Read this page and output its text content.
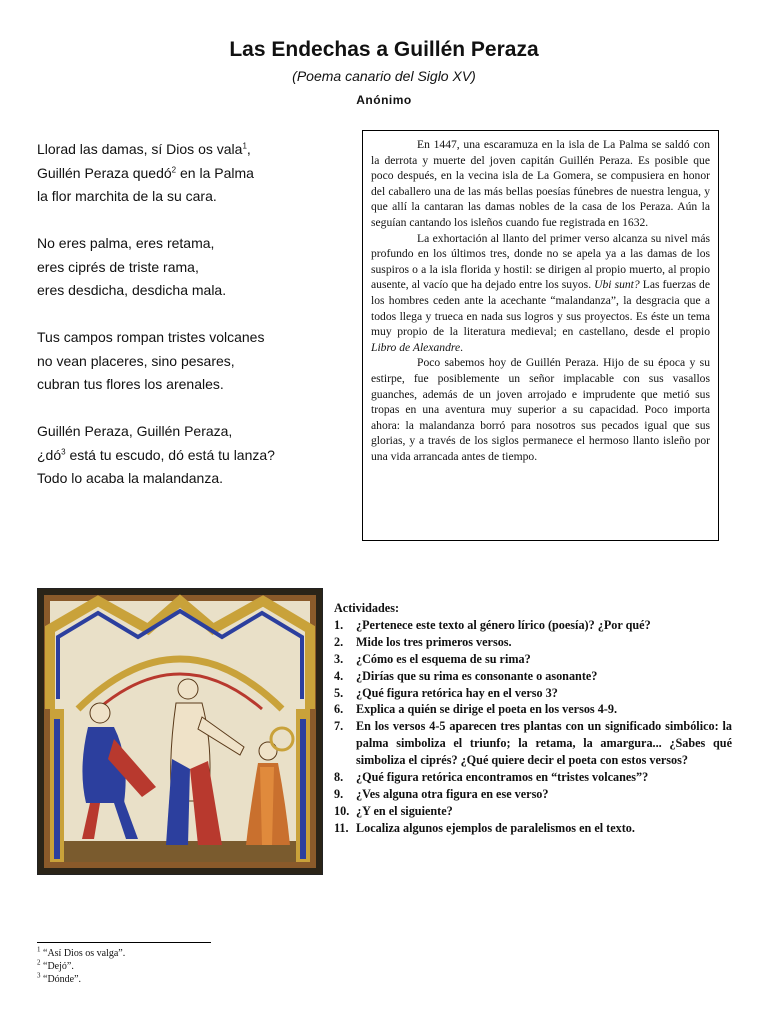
Las Endechas a Guillén Peraza
(Poema canario del Siglo XV)
Anónimo
Llorad las damas, sí Dios os vala$^1$,
Guillén Peraza quedó$^2$ en la Palma
la flor marchita de la su cara.
No eres palma, eres retama,
eres ciprés de triste rama,
eres desdicha, desdicha mala.
Tus campos rompan tristes volcanes
no vean placeres, sino pesares,
cubran tus flores los arenales.
Guillén Peraza, Guillén Peraza,
¿$dó^3$ está tu escudo, dó está tu lanza?
Todo lo acaba la malandanza.

En 1447, una escaramuza en la isla de La Palma se saldó con la derrota y muerte del joven capitán Guillén Peraza. Es posible que poco después, en la vecina isla de La Gomera, se compusiera en honor del caballero una de las más bellas poesías fúnebres de nuestra lengua, y que allí la cantaran las damas nobles de la casa de los Peraza. Aún la seguían cantando los isleños cuando fue registrada en 1632.

La exhortación al llanto del primer verso alcanza su nivel más profundo en los últimos tres, donde no se apela ya a las damas de los suspiros o a la isla florida y hostil: se dirigen al propio muerto, al propio ausente, al vacío que ha dejado entre los suyos. Ubi sunt? Las fuerzas de los hombres ceden ante la acechante “malandanza”, la desgracia que a todos llega y trueca en nada sus logros y sus proyectos. Es éste un tema muy propio de la literatura medieval; en castellano, desde el propio Libro de Alexandre.

Poco sabemos hoy de Guillén Peraza. Hijo de su época y su estirpe, fue posiblemente un señor implacable con sus vasallos guanches, además de un joven arrojado e imprudente que metió sus tropas en una aventura muy superior a su capacidad. Poco importa ahora: la malandanza borró para nosotros sus pecados igual que sus glorias, y a través de los siglos permanece el hermoso llanto isleño por una vida arrancada antes de tiempo.

Actividades:
1.	¿Pertenece este texto al género lírico (poesía)? ¿Por qué?
2.	Mide los tres primeros versos.
3.	¿Cómo es el esquema de su rima?
4.	¿Dirías que su rima es consonante o asonante?
5.	¿Qué figura retórica hay en el verso 3?
6.	Explica a quién se dirige el poeta en los versos 4-9.
7.	En los versos 4-5 aparecen tres plantas con un significado simbólico: la palma simboliza el triunfo; la retama, la amargura... ¿Sabes qué simboliza el ciprés? ¿Qué quiere decir el poeta con estos versos?
8.	¿Qué figura retórica encontramos en “tristes volcanes”?
9.	¿Ves alguna otra figura en ese verso?
10. ¿Y en el siguiente?
11. Localiza algunos ejemplos de paralelismos en el texto.
$^1$ “Así Dios os valga”.
$^2$ “Dejó”.
$^3$ “Dónde”.
